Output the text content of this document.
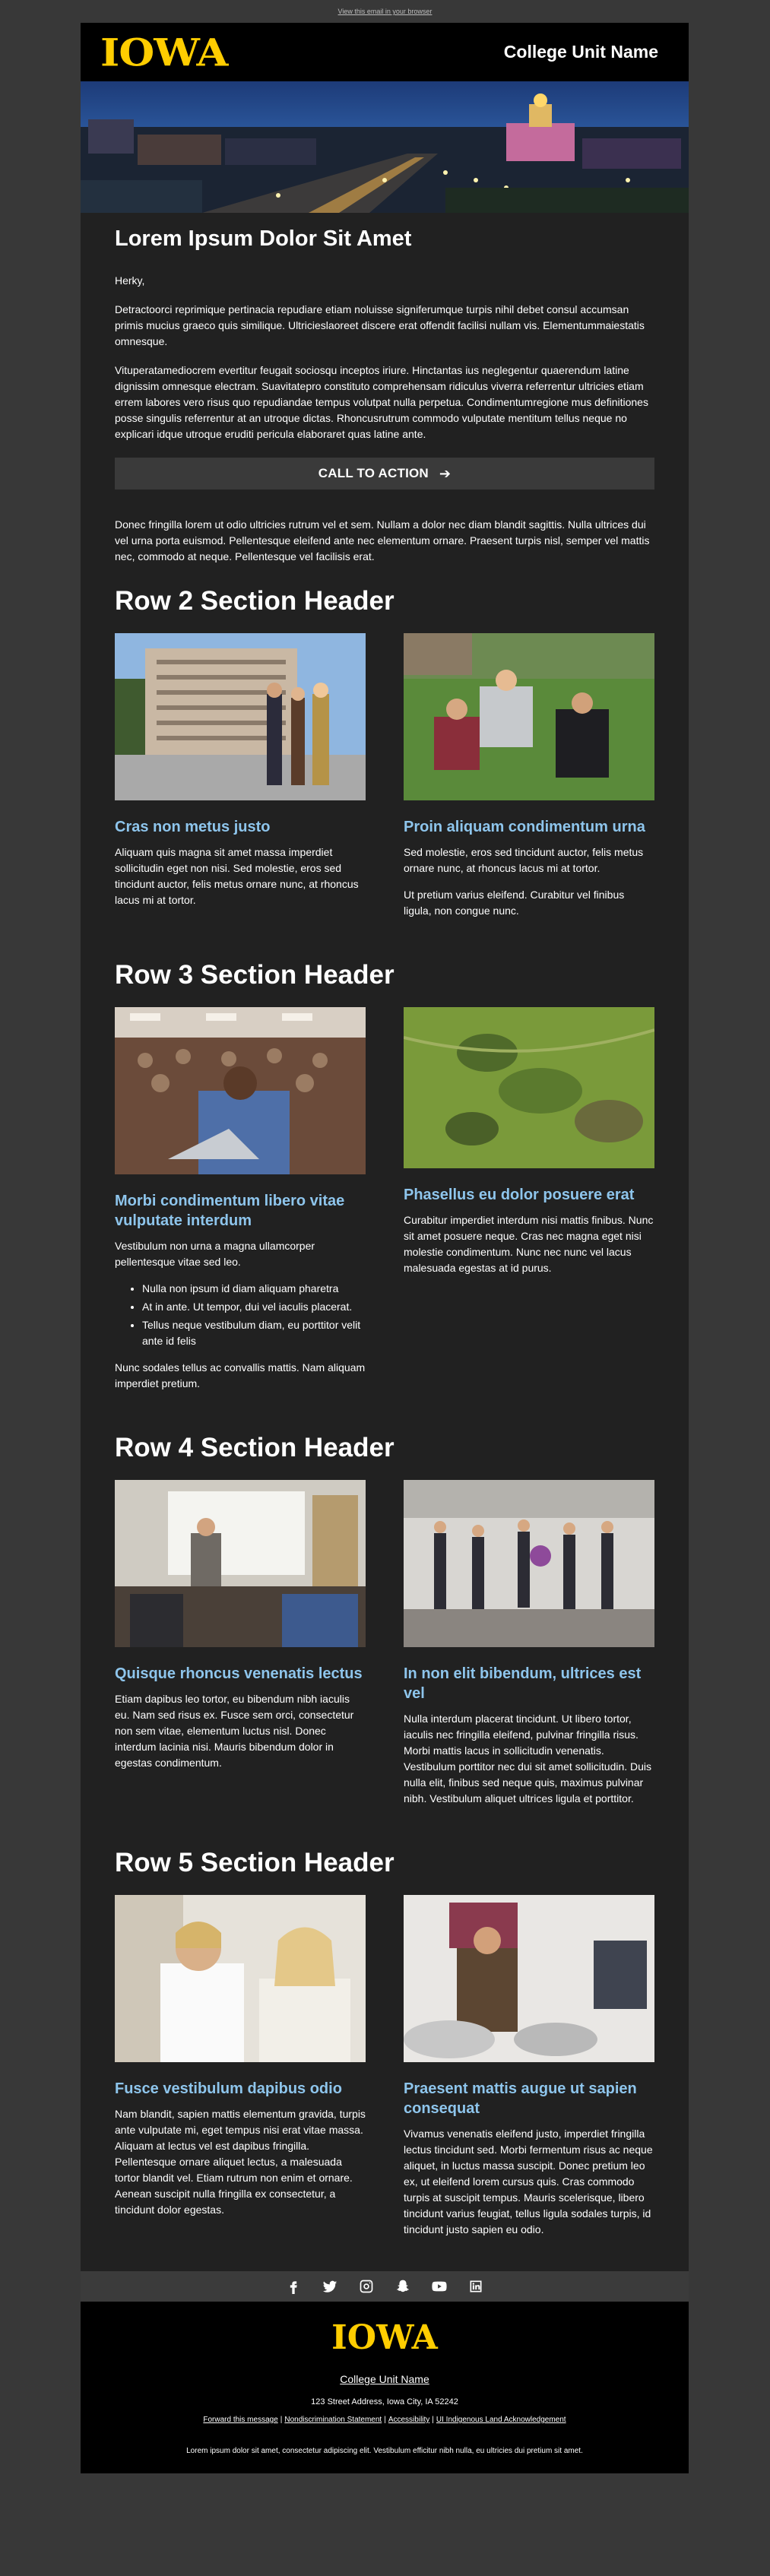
View this email in your browser
IOWA	College Unit Name
Lorem Ipsum Dolor Sit Amet

Herky,

Detractoorci reprimique pertinacia repudiare etiam noluisse signiferumque turpis nihil debet consul accumsan primis mucius graeco quis similique. Ultricieslaoreet discere erat offendit facilisi nullam vis. Elementummaiestatis omnesque.

Vituperatamediocrem evertitur feugait sociosqu inceptos iriure. Hinctantas ius neglegentur quaerendum latine dignissim omnesque electram. Suavitatepro constituto comprehensam ridiculus viverra referrentur ultricies etiam errem labores vero risus quo repudiandae tempus volutpat nulla perpetua. Condimentumregione mus definitiones posse singulis referrentur at an utroque dictas. Rhoncusrutrum commodo vulputate mentitum tellus neque no explicari idque utroque eruditi pericula elaboraret quas latine ante.

CALL TO ACTION ➔

Donec fringilla lorem ut odio ultricies rutrum vel et sem. Nullam a dolor nec diam blandit sagittis. Nulla ultrices dui vel urna porta euismod. Pellentesque eleifend ante nec elementum ornare. Praesent turpis nisl, semper vel mattis nec, commodo at neque. Pellentesque vel facilisis erat.

Row 2 Section Header
Cras non metus justo

Aliquam quis magna sit amet massa imperdiet sollicitudin eget non nisi. Sed molestie, eros sed tincidunt auctor, felis metus ornare nunc, at rhoncus lacus mi at tortor.

Proin aliquam condimentum urna

Sed molestie, eros sed tincidunt auctor, felis metus ornare nunc, at rhoncus lacus mi at tortor.

Ut pretium varius eleifend. Curabitur vel finibus ligula, non congue nunc.

Row 3 Section Header
Morbi condimentum libero vitae vulputate interdum

Vestibulum non urna a magna ullamcorper pellentesque vitae sed leo.

• Nulla non ipsum id diam aliquam pharetra
• At in ante. Ut tempor, dui vel iaculis placerat.
• Tellus neque vestibulum diam, eu porttitor velit ante id felis

Nunc sodales tellus ac convallis mattis. Nam aliquam imperdiet pretium.

Phasellus eu dolor posuere erat

Curabitur imperdiet interdum nisi mattis finibus. Nunc sit amet posuere neque. Cras nec magna eget nisi molestie condimentum. Nunc nec nunc vel lacus malesuada egestas at id purus.

Row 4 Section Header
Quisque rhoncus venenatis lectus

Etiam dapibus leo tortor, eu bibendum nibh iaculis eu. Nam sed risus ex. Fusce sem orci, consectetur non sem vitae, elementum luctus nisl. Donec interdum lacinia nisi. Mauris bibendum dolor in egestas condimentum.

In non elit bibendum, ultrices est vel

Nulla interdum placerat tincidunt. Ut libero tortor, iaculis nec fringilla eleifend, pulvinar fringilla risus. Morbi mattis lacus in sollicitudin venenatis. Vestibulum porttitor nec dui sit amet sollicitudin. Duis nulla elit, finibus sed neque quis, maximus pulvinar nibh. Vestibulum aliquet ultrices ligula et porttitor.

Row 5 Section Header
Fusce vestibulum dapibus odio

Nam blandit, sapien mattis elementum gravida, turpis ante vulputate mi, eget tempus nisi erat vitae massa. Aliquam at lectus vel est dapibus fringilla. Pellentesque ornare aliquet lectus, a malesuada tortor blandit vel. Etiam rutrum non enim et ornare. Aenean suscipit nulla fringilla ex consectetur, a tincidunt dolor egestas.

Praesent mattis augue ut sapien consequat

Vivamus venenatis eleifend justo, imperdiet fringilla lectus tincidunt sed. Morbi fermentum risus ac neque aliquet, in luctus massa suscipit. Donec pretium leo ex, ut eleifend lorem cursus quis. Cras commodo turpis at suscipit tempus. Mauris scelerisque, libero tincidunt varius feugiat, tellus ligula sodales turpis, id tincidunt justo sapien eu odio.

IOWA
College Unit Name
123 Street Address, Iowa City, IA 52242
Forward this message | Nondiscrimination Statement | Accessibility | UI Indigenous Land Acknowledgement
Lorem ipsum dolor sit amet, consectetur adipiscing elit. Vestibulum efficitur nibh nulla, eu ultricies dui pretium sit amet.
